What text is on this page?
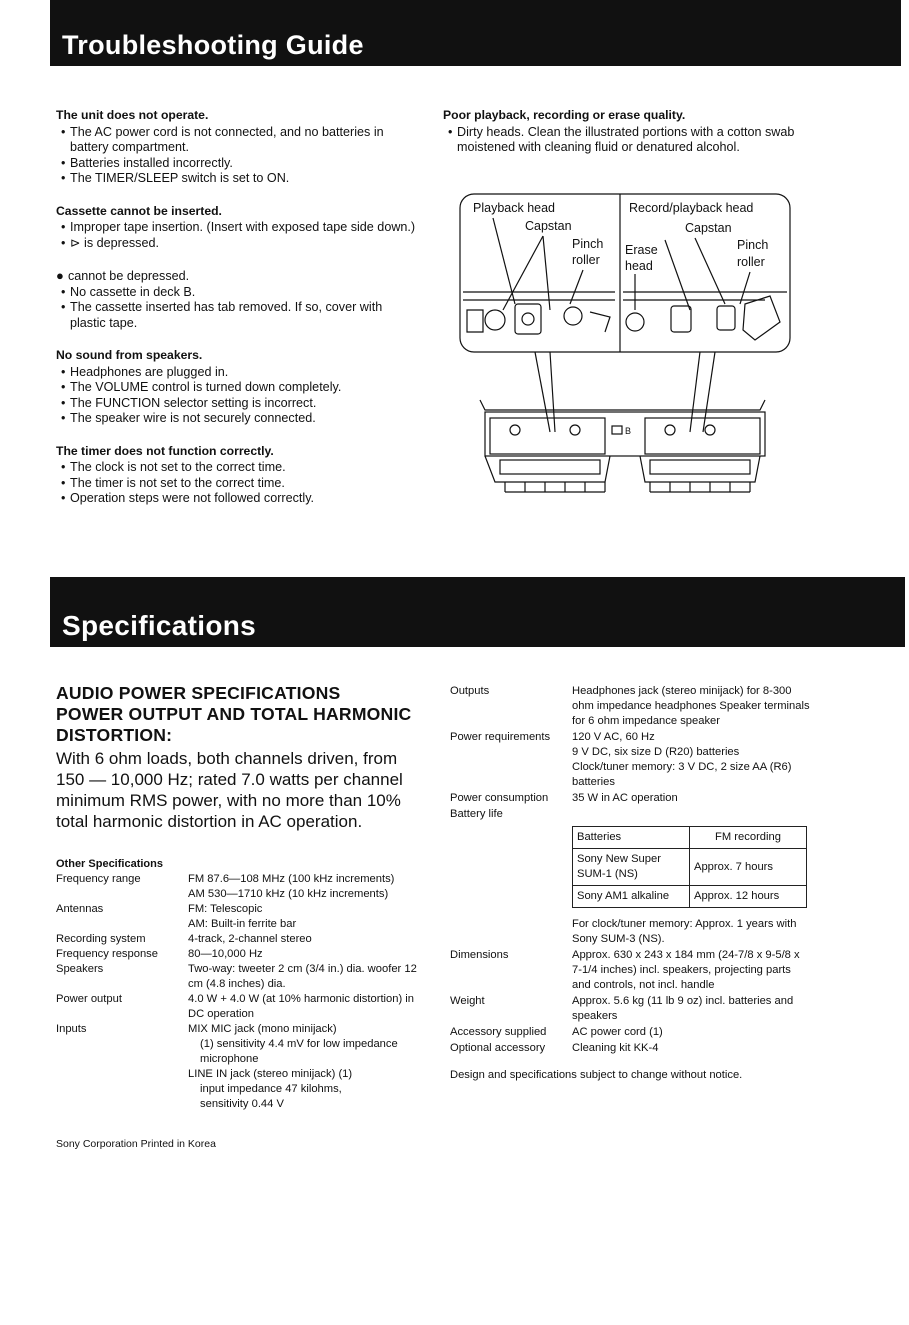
Troubleshooting Guide
The unit does not operate.
• The AC power cord is not connected, and no batteries in battery compartment.
• Batteries installed incorrectly.
• The TIMER/SLEEP switch is set to ON.
Cassette cannot be inserted.
• Improper tape insertion. (Insert with exposed tape side down.)
• ⊳ is depressed.
● cannot be depressed.
• No cassette in deck B.
• The cassette inserted has tab removed. If so, cover with plastic tape.
No sound from speakers.
• Headphones are plugged in.
• The VOLUME control is turned down completely.
• The FUNCTION selector setting is incorrect.
• The speaker wire is not securely connected.
The timer does not function correctly.
• The clock is not set to the correct time.
• The timer is not set to the correct time.
• Operation steps were not followed correctly.
Poor playback, recording or erase quality.
• Dirty heads. Clean the illustrated portions with a cotton swab moistened with cleaning fluid or denatured alcohol.
Playback head
Capstan
Pinch
roller
Record/playback head
Capstan
Erase
head
Pinch
roller
B
Specifications
AUDIO POWER SPECIFICATIONS
POWER OUTPUT AND TOTAL HARMONIC
DISTORTION:
With 6 ohm loads, both channels driven, from 150 — 10,000 Hz; rated 7.0 watts per channel minimum RMS power, with no more than 10% total harmonic distortion in AC operation.
Other Specifications
Frequency range	FM 87.6—108 MHz (100 kHz increments)
AM 530—1710 kHz (10 kHz increments)
Antennas	FM: Telescopic
AM: Built-in ferrite bar
Recording system	4-track, 2-channel stereo
Frequency response	80—10,000 Hz
Speakers	Two-way: tweeter 2 cm (3/4 in.) dia. woofer 12 cm (4.8 inches) dia.
Power output	4.0 W + 4.0 W (at 10% harmonic distortion) in DC operation
Inputs	MIX MIC jack (mono minijack)
(1) sensitivity 4.4 mV for low impedance microphone
LINE IN jack (stereo minijack) (1)
input impedance 47 kilohms,
sensitivity 0.44 V
Outputs	Headphones jack (stereo minijack) for 8-300 ohm impedance headphones Speaker terminals for 6 ohm impedance speaker
Power requirements	120 V AC, 60 Hz
9 V DC, six size D (R20) batteries
Clock/tuner memory: 3 V DC, 2 size AA (R6) batteries
Power consumption	35 W in AC operation
Battery life
Batteries	FM recording
Sony New Super SUM-1 (NS)	Approx. 7 hours
Sony AM1 alkaline	Approx. 12 hours
For clock/tuner memory: Approx. 1 years with Sony SUM-3 (NS).
Dimensions	Approx. 630 x 243 x 184 mm (24-7/8 x 9-5/8 x 7-1/4 inches) incl. speakers, projecting parts and controls, not incl. handle
Weight	Approx. 5.6 kg (11 lb 9 oz) incl. batteries and speakers
Accessory supplied	AC power cord (1)
Optional accessory	Cleaning kit KK-4
Design and specifications subject to change without notice.
Sony Corporation Printed in Korea
